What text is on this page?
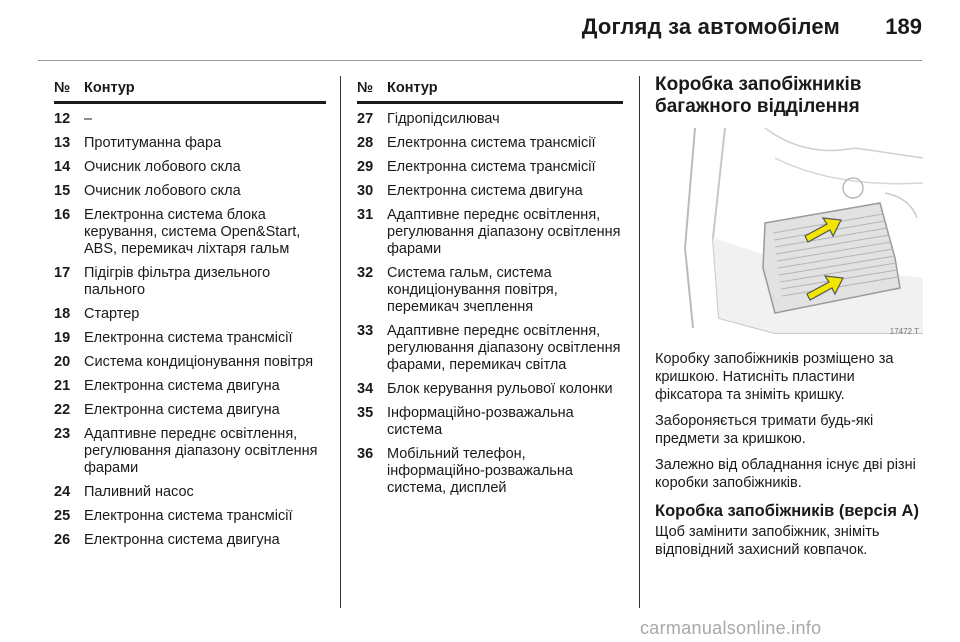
Догляд за автомобілем 189
№ Контур
12 –
13 Протитуманна фара
14 Очисник лобового скла
15 Очисник лобового скла
16 Електронна система блока керування, система Open&Start, ABS, перемикач ліхтаря гальм
17 Підігрів фільтра дизельного пального
18 Стартер
19 Електронна система трансмісії
20 Система кондиціонування повітря
21 Електронна система двигуна
22 Електронна система двигуна
23 Адаптивне переднє освітлення, регулювання діапазону освітлення фарами
24 Паливний насос
25 Електронна система трансмісії
26 Електронна система двигуна
№ Контур
27 Гідропідсилювач
28 Електронна система трансмісії
29 Електронна система трансмісії
30 Електронна система двигуна
31 Адаптивне переднє освітлення, регулювання діапазону освітлення фарами
32 Система гальм, система кондиціонування повітря, перемикач зчеплення
33 Адаптивне переднє освітлення, регулювання діапазону освітлення фарами, перемикач світла
34 Блок керування рульової колонки
35 Інформаційно-розважальна система
36 Мобільний телефон, інформаційно-розважальна система, дисплей
Коробка запобіжників багажного відділення
17472 T

Коробку запобіжників розміщено за кришкою. Натисніть пластини фіксатора та зніміть кришку.

Забороняється тримати будь-які предмети за кришкою.

Залежно від обладнання існує дві різні коробки запобіжників.

Коробка запобіжників (версія А)

Щоб замінити запобіжник, зніміть відповідний захисний ковпачок.

carmanualsonline.info
